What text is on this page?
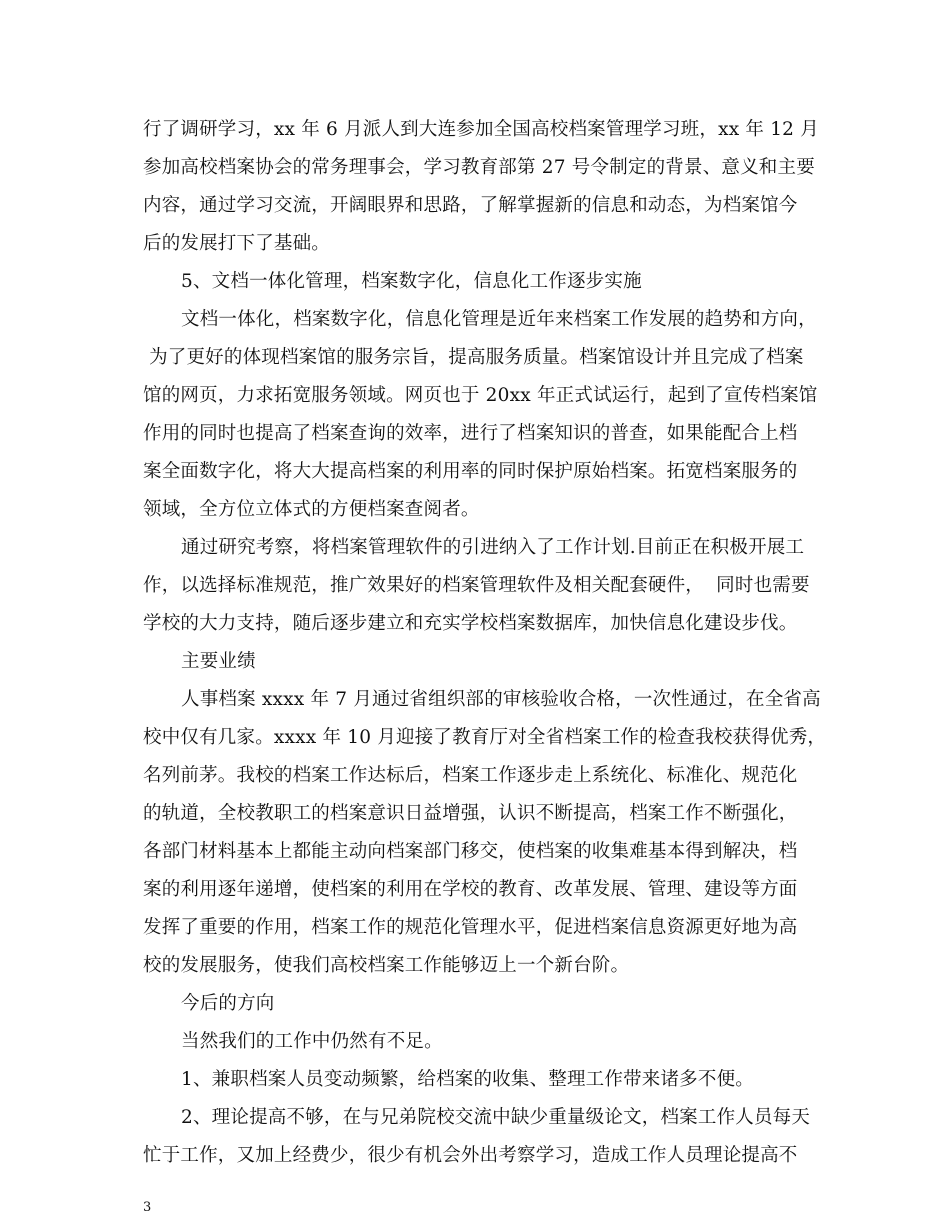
行了调研学习，xx 年 6 月派人到大连参加全国高校档案管理学习班，xx 年 12 月
参加高校档案协会的常务理事会，学习教育部第 27 号令制定的背景、意义和主要
内容，通过学习交流，开阔眼界和思路，了解掌握新的信息和动态，为档案馆今
后的发展打下了基础。
5、文档一体化管理，档案数字化，信息化工作逐步实施
文档一体化，档案数字化，信息化管理是近年来档案工作发展的趋势和方向，
为了更好的体现档案馆的服务宗旨，提高服务质量。档案馆设计并且完成了档案
馆的网页，力求拓宽服务领域。网页也于 20xx 年正式试运行，起到了宣传档案馆
作用的同时也提高了档案查询的效率，进行了档案知识的普查，如果能配合上档
案全面数字化，将大大提高档案的利用率的同时保护原始档案。拓宽档案服务的
领域，全方位立体式的方便档案查阅者。
通过研究考察，将档案管理软件的引进纳入了工作计划.目前正在积极开展工
作，以选择标准规范，推广效果好的档案管理软件及相关配套硬件，  同时也需要
学校的大力支持，随后逐步建立和充实学校档案数据库，加快信息化建设步伐。
主要业绩
人事档案 xxxx 年 7 月通过省组织部的审核验收合格，一次性通过，在全省高
校中仅有几家。xxxx 年 10 月迎接了教育厅对全省档案工作的检查我校获得优秀，
名列前茅。我校的档案工作达标后，档案工作逐步走上系统化、标准化、规范化
的轨道，全校教职工的档案意识日益增强，认识不断提高，档案工作不断强化，
各部门材料基本上都能主动向档案部门移交，使档案的收集难基本得到解决，档
案的利用逐年递增，使档案的利用在学校的教育、改革发展、管理、建设等方面
发挥了重要的作用，档案工作的规范化管理水平，促进档案信息资源更好地为高
校的发展服务，使我们高校档案工作能够迈上一个新台阶。
今后的方向
当然我们的工作中仍然有不足。
1、兼职档案人员变动频繁，给档案的收集、整理工作带来诸多不便。
2、理论提高不够，在与兄弟院校交流中缺少重量级论文，档案工作人员每天
忙于工作，又加上经费少，很少有机会外出考察学习，造成工作人员理论提高不
3
